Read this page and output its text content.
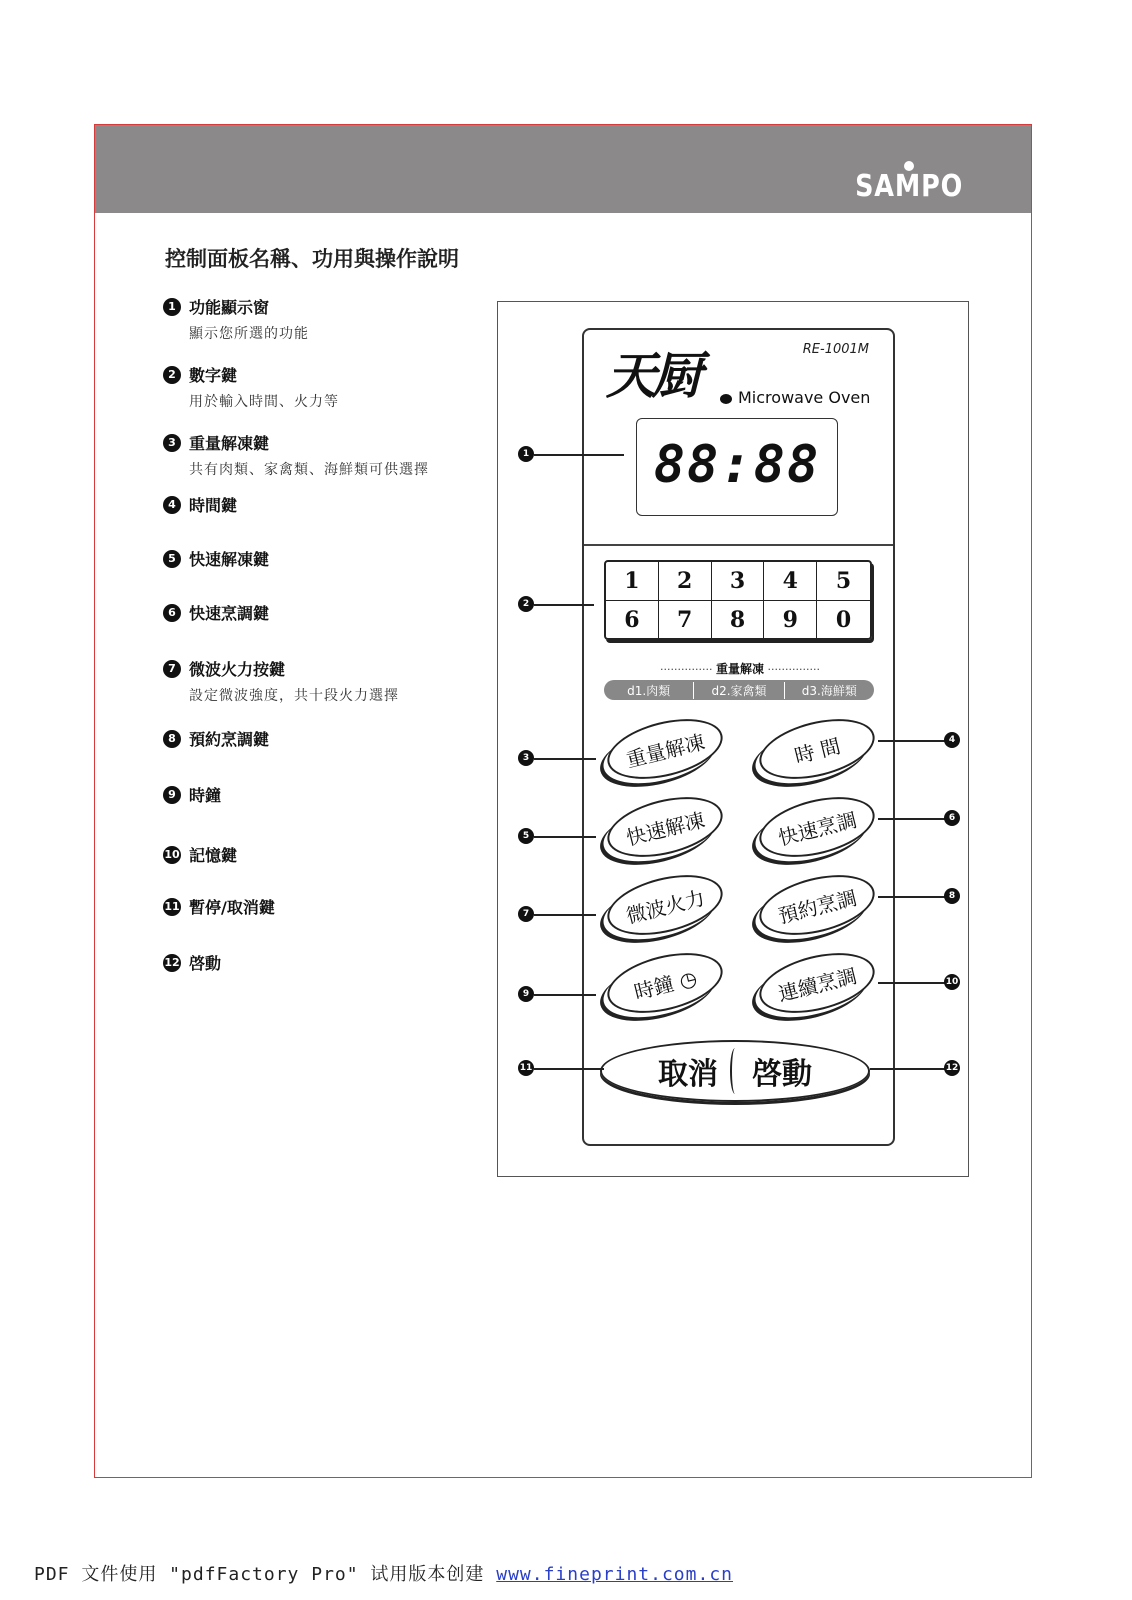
SAMPO
控制面板名稱、功用與操作說明
1 功能顯示窗
顯示您所選的功能
2 數字鍵
用於輸入時間、火力等
3 重量解凍鍵
共有肉類、家禽類、海鮮類可供選擇
4 時間鍵
5 快速解凍鍵
6 快速烹調鍵
7 微波火力按鍵
設定微波強度，共十段火力選擇
8 預約烹調鍵
9 時鐘
10 記憶鍵
11 暫停/取消鍵
12 啓動
RE-1001M
天厨	Microwave Oven
88:88
1	2	3	4	5
6	7	8	9	0
··············· 重量解凍 ···············
d1.肉類	d2.家禽類	d3.海鮮類
重量解凍	時 間
快速解凍	快速烹調
微波火力	預約烹調
時鐘 ◷	連續烹調
取消 啓動
1
2
3
4
5
6
7
8
9
10
11	12
PDF 文件使用 "pdfFactory Pro" 试用版本创建 www.fineprint.com.cn
